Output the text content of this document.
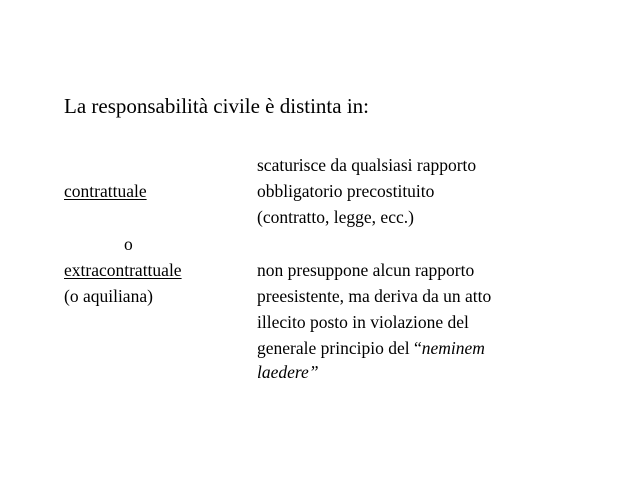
La responsabilità civile è distinta in:
contrattuale
o
extracontrattuale
(o aquiliana)
scaturisce da qualsiasi rapporto
obbligatorio precostituito
(contratto, legge, ecc.)
non presuppone alcun rapporto
preesistente, ma deriva da un atto
illecito posto in violazione del
generale principio del “neminem
laedere”
